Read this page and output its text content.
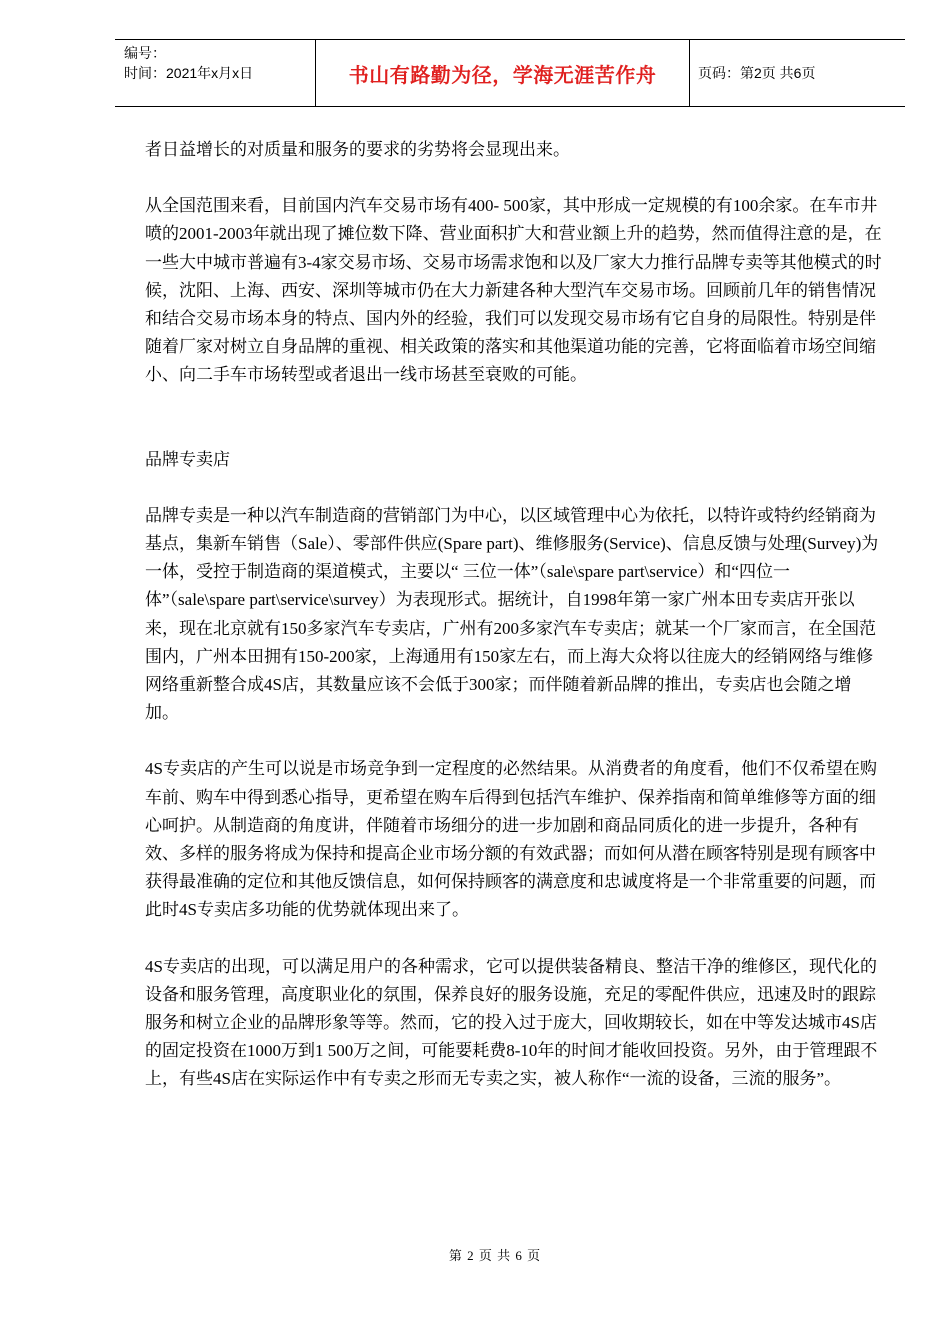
编号：
时间：2021年x月x日	书山有路勤为径，学海无涯苦作舟	页码：第2页 共6页

者日益增长的对质量和服务的要求的劣势将会显现出来。

从全国范围来看，目前国内汽车交易市场有400- 500家，其中形成一定规模的有100余家。在车市井喷的2001-2003年就出现了摊位数下降、营业面积扩大和营业额上升的趋势，然而值得注意的是，在一些大中城市普遍有3-4家交易市场、交易市场需求饱和以及厂家大力推行品牌专卖等其他模式的时候，沈阳、上海、西安、深圳等城市仍在大力新建各种大型汽车交易市场。回顾前几年的销售情况和结合交易市场本身的特点、国内外的经验，我们可以发现交易市场有它自身的局限性。特别是伴随着厂家对树立自身品牌的重视、相关政策的落实和其他渠道功能的完善，它将面临着市场空间缩小、向二手车市场转型或者退出一线市场甚至衰败的可能。

品牌专卖店

品牌专卖是一种以汽车制造商的营销部门为中心，以区域管理中心为依托，以特许或特约经销商为基点，集新车销售（Sale）、零部件供应(Spare part)、维修服务(Service)、信息反馈与处理(Survey)为一体，受控于制造商的渠道模式，主要以“ 三位一体”（sale\spare part\service）和“四位一体”（sale\spare part\service\survey）为表现形式。据统计，自1998年第一家广州本田专卖店开张以来，现在北京就有150多家汽车专卖店，广州有200多家汽车专卖店；就某一个厂家而言，在全国范围内，广州本田拥有150-200家，上海通用有150家左右，而上海大众将以往庞大的经销网络与维修网络重新整合成4S店，其数量应该不会低于300家；而伴随着新品牌的推出，专卖店也会随之增加。

4S专卖店的产生可以说是市场竞争到一定程度的必然结果。从消费者的角度看，他们不仅希望在购车前、购车中得到悉心指导，更希望在购车后得到包括汽车维护、保养指南和简单维修等方面的细心呵护。从制造商的角度讲，伴随着市场细分的进一步加剧和商品同质化的进一步提升，各种有效、多样的服务将成为保持和提高企业市场分额的有效武器；而如何从潜在顾客特别是现有顾客中获得最准确的定位和其他反馈信息，如何保持顾客的满意度和忠诚度将是一个非常重要的问题，而此时4S专卖店多功能的优势就体现出来了。

4S专卖店的出现，可以满足用户的各种需求，它可以提供装备精良、整洁干净的维修区，现代化的设备和服务管理，高度职业化的氛围，保养良好的服务设施，充足的零配件供应，迅速及时的跟踪服务和树立企业的品牌形象等等。然而，它的投入过于庞大，回收期较长，如在中等发达城市4S店的固定投资在1000万到1 500万之间，可能要耗费8-10年的时间才能收回投资。另外，由于管理跟不上，有些4S店在实际运作中有专卖之形而无专卖之实，被人称作“一流的设备，三流的服务”。

第 2 页 共 6 页
